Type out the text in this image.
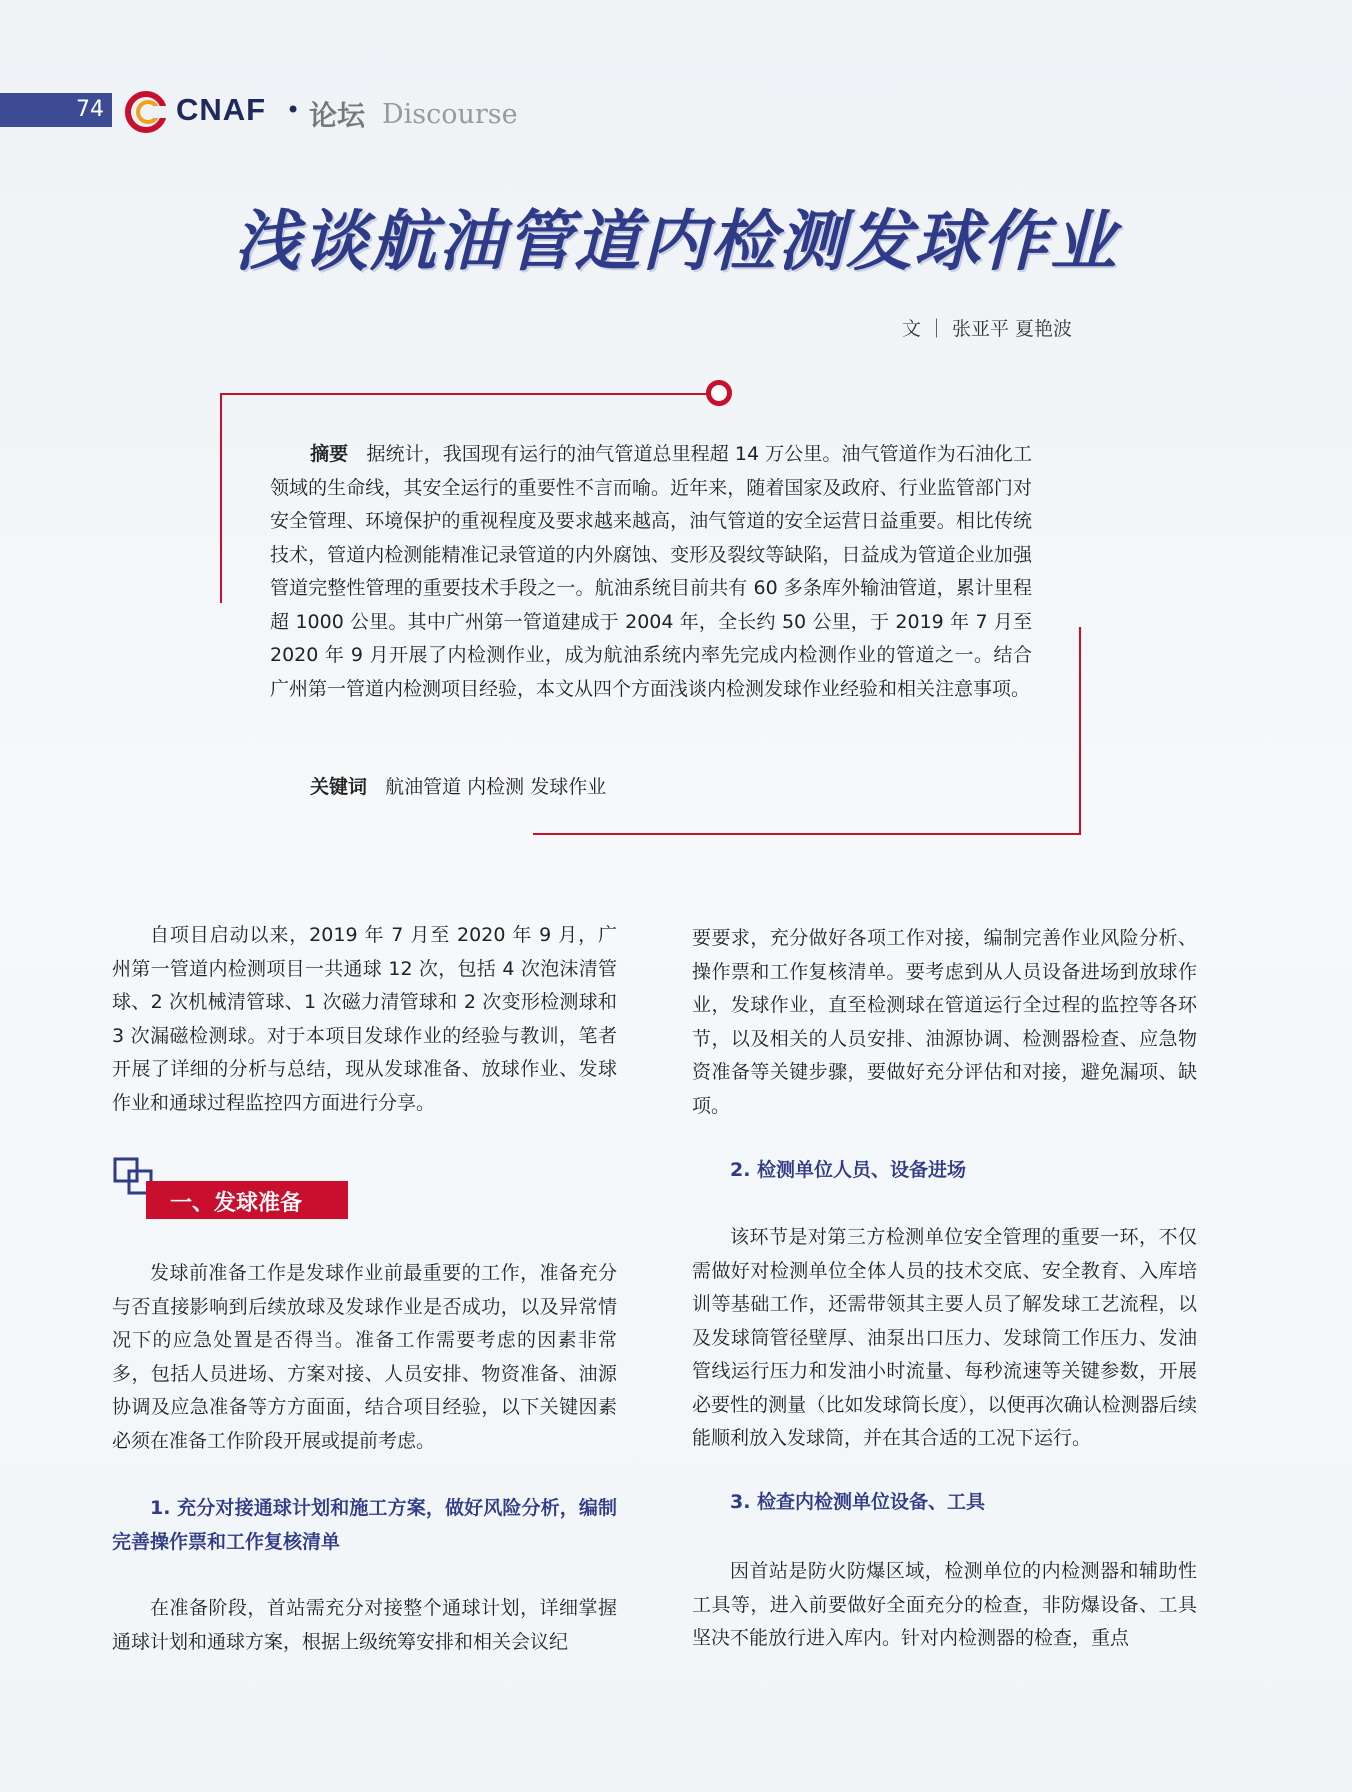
74 CNAF • 论坛 Discourse
浅谈航油管道内检测发球作业
文 ｜ 张亚平 夏艳波
摘要 据统计，我国现有运行的油气管道总里程超 14 万公里。油气管道作为石油化工领域的生命线，其安全运行的重要性不言而喻。近年来，随着国家及政府、行业监管部门对安全管理、环境保护的重视程度及要求越来越高，油气管道的安全运营日益重要。相比传统技术，管道内检测能精准记录管道的内外腐蚀、变形及裂纹等缺陷，日益成为管道企业加强管道完整性管理的重要技术手段之一。航油系统目前共有 60 多条库外输油管道，累计里程超 1000 公里。其中广州第一管道建成于 2004 年，全长约 50 公里，于 2019 年 7 月至 2020 年 9 月开展了内检测作业，成为航油系统内率先完成内检测作业的管道之一。结合广州第一管道内检测项目经验，本文从四个方面浅谈内检测发球作业经验和相关注意事项。
关键词 航油管道 内检测 发球作业

自项目启动以来，2019 年 7 月至 2020 年 9 月，广州第一管道内检测项目一共通球 12 次，包括 4 次泡沫清管球、2 次机械清管球、1 次磁力清管球和 2 次变形检测球和 3 次漏磁检测球。对于本项目发球作业的经验与教训，笔者开展了详细的分析与总结，现从发球准备、放球作业、发球作业和通球过程监控四方面进行分享。

一、发球准备

发球前准备工作是发球作业前最重要的工作，准备充分与否直接影响到后续放球及发球作业是否成功，以及异常情况下的应急处置是否得当。准备工作需要考虑的因素非常多，包括人员进场、方案对接、人员安排、物资准备、油源协调及应急准备等方方面面，结合项目经验，以下关键因素必须在准备工作阶段开展或提前考虑。

1. 充分对接通球计划和施工方案，做好风险分析，编制完善操作票和工作复核清单

在准备阶段，首站需充分对接整个通球计划，详细掌握通球计划和通球方案，根据上级统筹安排和相关会议纪

要要求，充分做好各项工作对接，编制完善作业风险分析、操作票和工作复核清单。要考虑到从人员设备进场到放球作业，发球作业，直至检测球在管道运行全过程的监控等各环节，以及相关的人员安排、油源协调、检测器检查、应急物资准备等关键步骤，要做好充分评估和对接，避免漏项、缺项。

2. 检测单位人员、设备进场

该环节是对第三方检测单位安全管理的重要一环，不仅需做好对检测单位全体人员的技术交底、安全教育、入库培训等基础工作，还需带领其主要人员了解发球工艺流程，以及发球筒管径壁厚、油泵出口压力、发球筒工作压力、发油管线运行压力和发油小时流量、每秒流速等关键参数，开展必要性的测量（比如发球筒长度），以便再次确认检测器后续能顺利放入发球筒，并在其合适的工况下运行。

3. 检查内检测单位设备、工具

因首站是防火防爆区域，检测单位的内检测器和辅助性工具等，进入前要做好全面充分的检查，非防爆设备、工具坚决不能放行进入库内。针对内检测器的检查，重点
